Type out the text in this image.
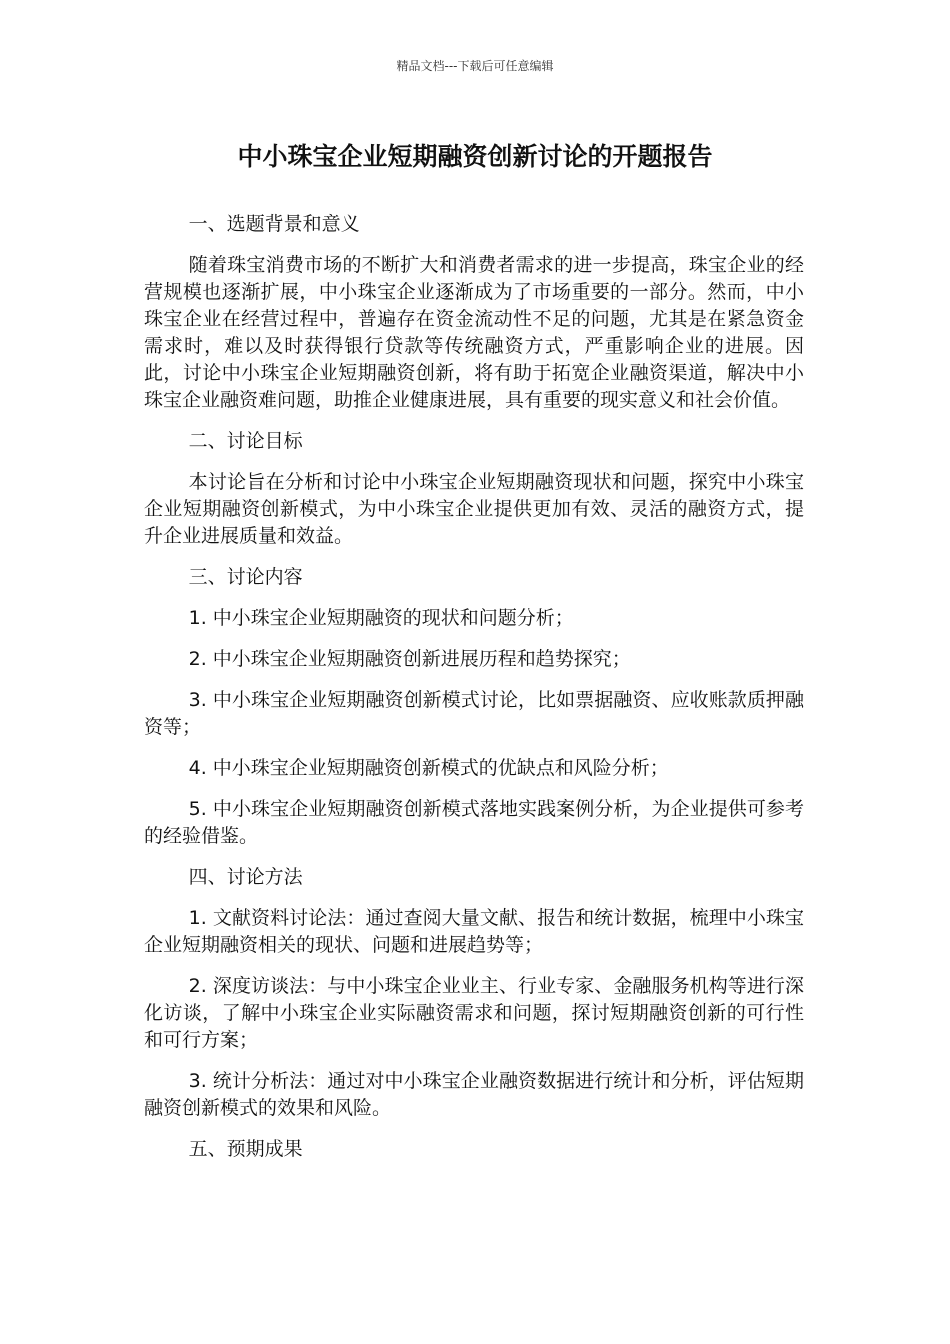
精品文档---下载后可任意编辑
中小珠宝企业短期融资创新讨论的开题报告

一、选题背景和意义

随着珠宝消费市场的不断扩大和消费者需求的进一步提高，珠宝企业的经营规模也逐渐扩展，中小珠宝企业逐渐成为了市场重要的一部分。然而，中小珠宝企业在经营过程中，普遍存在资金流动性不足的问题，尤其是在紧急资金需求时，难以及时获得银行贷款等传统融资方式，严重影响企业的进展。因此，讨论中小珠宝企业短期融资创新，将有助于拓宽企业融资渠道，解决中小珠宝企业融资难问题，助推企业健康进展，具有重要的现实意义和社会价值。

二、讨论目标

本讨论旨在分析和讨论中小珠宝企业短期融资现状和问题，探究中小珠宝企业短期融资创新模式，为中小珠宝企业提供更加有效、灵活的融资方式，提升企业进展质量和效益。

三、讨论内容

1. 中小珠宝企业短期融资的现状和问题分析；

2. 中小珠宝企业短期融资创新进展历程和趋势探究；

3. 中小珠宝企业短期融资创新模式讨论，比如票据融资、应收账款质押融资等；

4. 中小珠宝企业短期融资创新模式的优缺点和风险分析；

5. 中小珠宝企业短期融资创新模式落地实践案例分析，为企业提供可参考的经验借鉴。

四、讨论方法

1. 文献资料讨论法：通过查阅大量文献、报告和统计数据，梳理中小珠宝企业短期融资相关的现状、问题和进展趋势等；

2. 深度访谈法：与中小珠宝企业业主、行业专家、金融服务机构等进行深化访谈，了解中小珠宝企业实际融资需求和问题，探讨短期融资创新的可行性和可行方案；

3. 统计分析法：通过对中小珠宝企业融资数据进行统计和分析，评估短期融资创新模式的效果和风险。

五、预期成果
